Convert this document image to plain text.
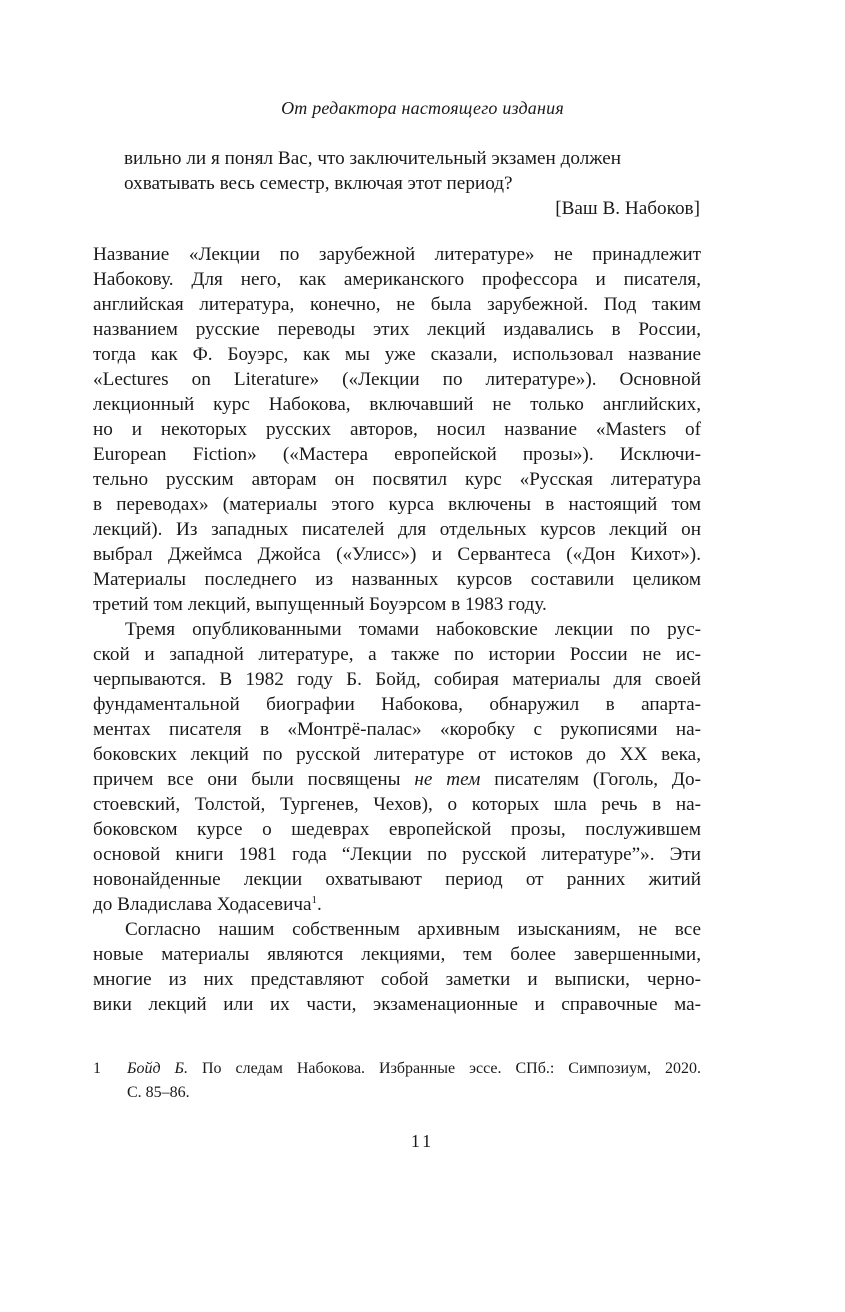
От редактора настоящего издания
вильно ли я понял Вас, что заключительный экзамен должен
охватывать весь семестр, включая этот период?
[Ваш В. Набоков]
Название «Лекции по зарубежной литературе» не принадлежит
Набокову. Для него, как американского профессора и писателя,
английская литература, конечно, не была зарубежной. Под таким
названием русские переводы этих лекций издавались в России,
тогда как Ф. Боуэрс, как мы уже сказали, использовал название
«Lectures on Literature» («Лекции по литературе»). Основной
лекционный курс Набокова, включавший не только английских,
но и некоторых русских авторов, носил название «Masters of
European Fiction» («Мастера европейской прозы»). Исключи-
тельно русским авторам он посвятил курс «Русская литература
в переводах» (материалы этого курса включены в настоящий том
лекций). Из западных писателей для отдельных курсов лекций он
выбрал Джеймса Джойса («Улисс») и Сервантеса («Дон Кихот»).
Материалы последнего из названных курсов составили целиком
третий том лекций, выпущенный Боуэрсом в 1983 году.
Тремя опубликованными томами набоковские лекции по рус-
ской и западной литературе, а также по истории России не ис-
черпываются. В 1982 году Б. Бойд, собирая материалы для своей
фундаментальной биографии Набокова, обнаружил в апарта-
ментах писателя в «Монтрё-палас» «коробку с рукописями на-
боковских лекций по русской литературе от истоков до XX века,
причем все они были посвящены не тем писателям (Гоголь, До-
стоевский, Толстой, Тургенев, Чехов), о которых шла речь в на-
боковском курсе о шедеврах европейской прозы, послужившем
основой книги 1981 года “Лекции по русской литературе”». Эти
новонайденные лекции охватывают период от ранних житий
до Владислава Ходасевича$^1$.
Согласно нашим собственным архивным изысканиям, не все
новые материалы являются лекциями, тем более завершенными,
многие из них представляют собой заметки и выписки, черно-
вики лекций или их части, экзаменационные и справочные ма-
1	Бойд Б. По следам Набокова. Избранные эссе. СПб.: Симпозиум, 2020.
С. 85–86.
11
